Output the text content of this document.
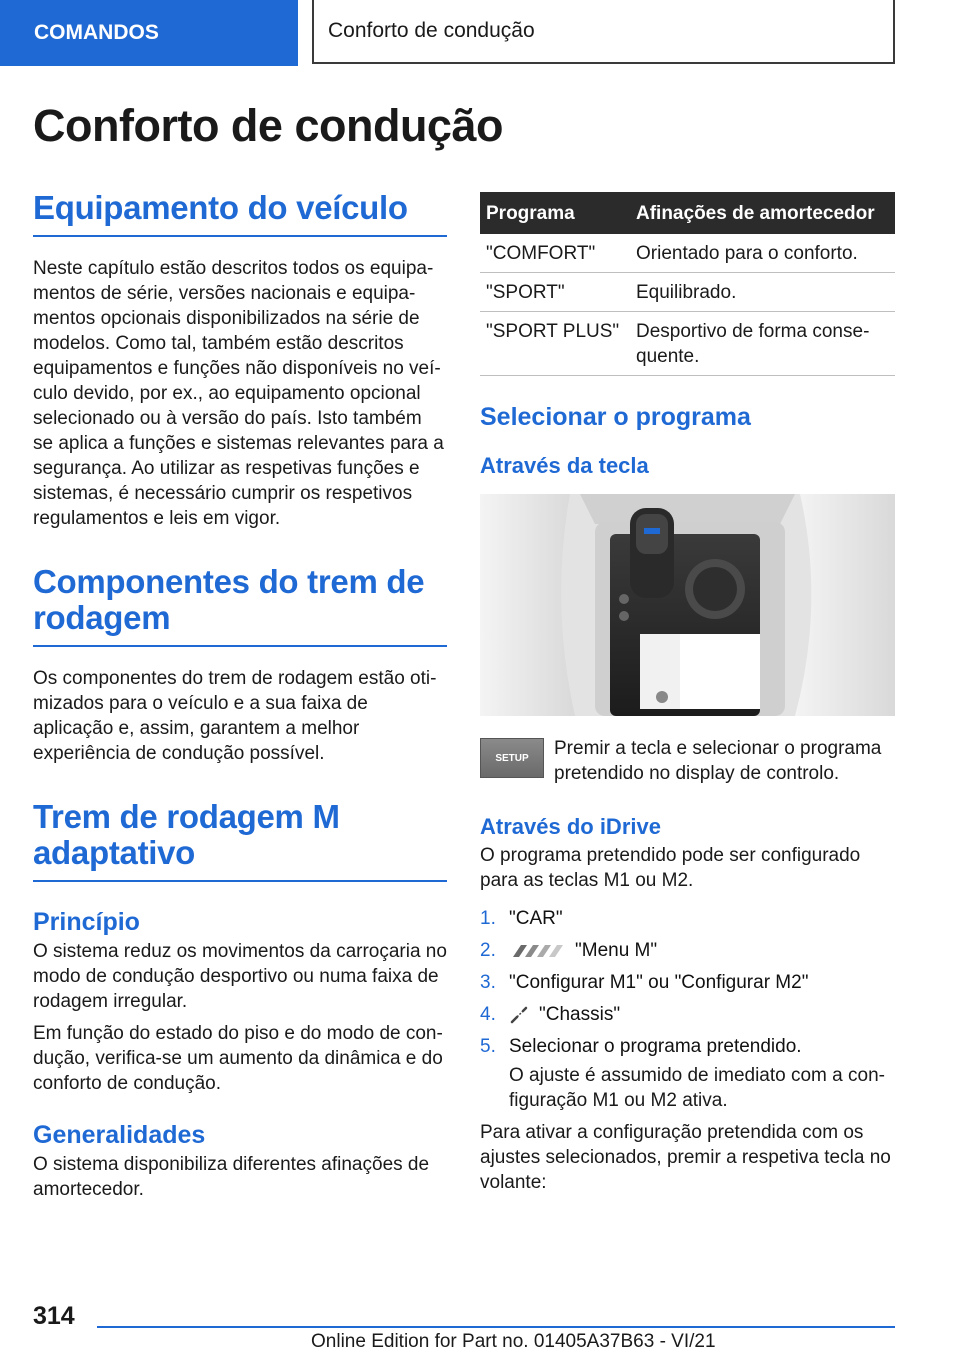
COMANDOS	Conforto de condução
Conforto de condução
Equipamento do veículo

Neste capítulo estão descritos todos os equipamentos de série, versões nacionais e equipamentos opcionais disponibilizados na série de modelos. Como tal, também estão descritos equipamentos e funções não disponíveis no veículo devido, por ex., ao equipamento opcional selecionado ou à versão do país. Isto também se aplica a funções e sistemas relevantes para a segurança. Ao utilizar as respetivas funções e sistemas, é necessário cumprir os respetivos regulamentos e leis em vigor.

Componentes do trem de rodagem

Os componentes do trem de rodagem estão otimizados para o veículo e a sua faixa de aplicação e, assim, garantem a melhor experiência de condução possível.

Trem de rodagem M adaptativo
Princípio

O sistema reduz os movimentos da carroçaria no modo de condução desportivo ou numa faixa de rodagem irregular.

Em função do estado do piso e do modo de condução, verifica-se um aumento da dinâmica e do conforto de condução.

Generalidades

O sistema disponibiliza diferentes afinações de amortecedor.

Programa	Afinações de amortecedor
"COMFORT"	Orientado para o conforto.
"SPORT"	Equilibrado.
"SPORT PLUS"	Desportivo de forma consequente.
Selecionar o programa
Através da tecla
SETUP	Premir a tecla e selecionar o programa pretendido no display de controlo.

Através do iDrive

O programa pretendido pode ser configurado para as teclas M1 ou M2.

1. "CAR"
2.	"Menu M"
3. "Configurar M1" ou "Configurar M2"
4.	"Chassis"
5. Selecionar o programa pretendido.

O ajuste é assumido de imediato com a configuração M1 ou M2 ativa.

Para ativar a configuração pretendida com os ajustes selecionados, premir a respetiva tecla no volante:

314
Online Edition for Part no. 01405A37B63 - VI/21
